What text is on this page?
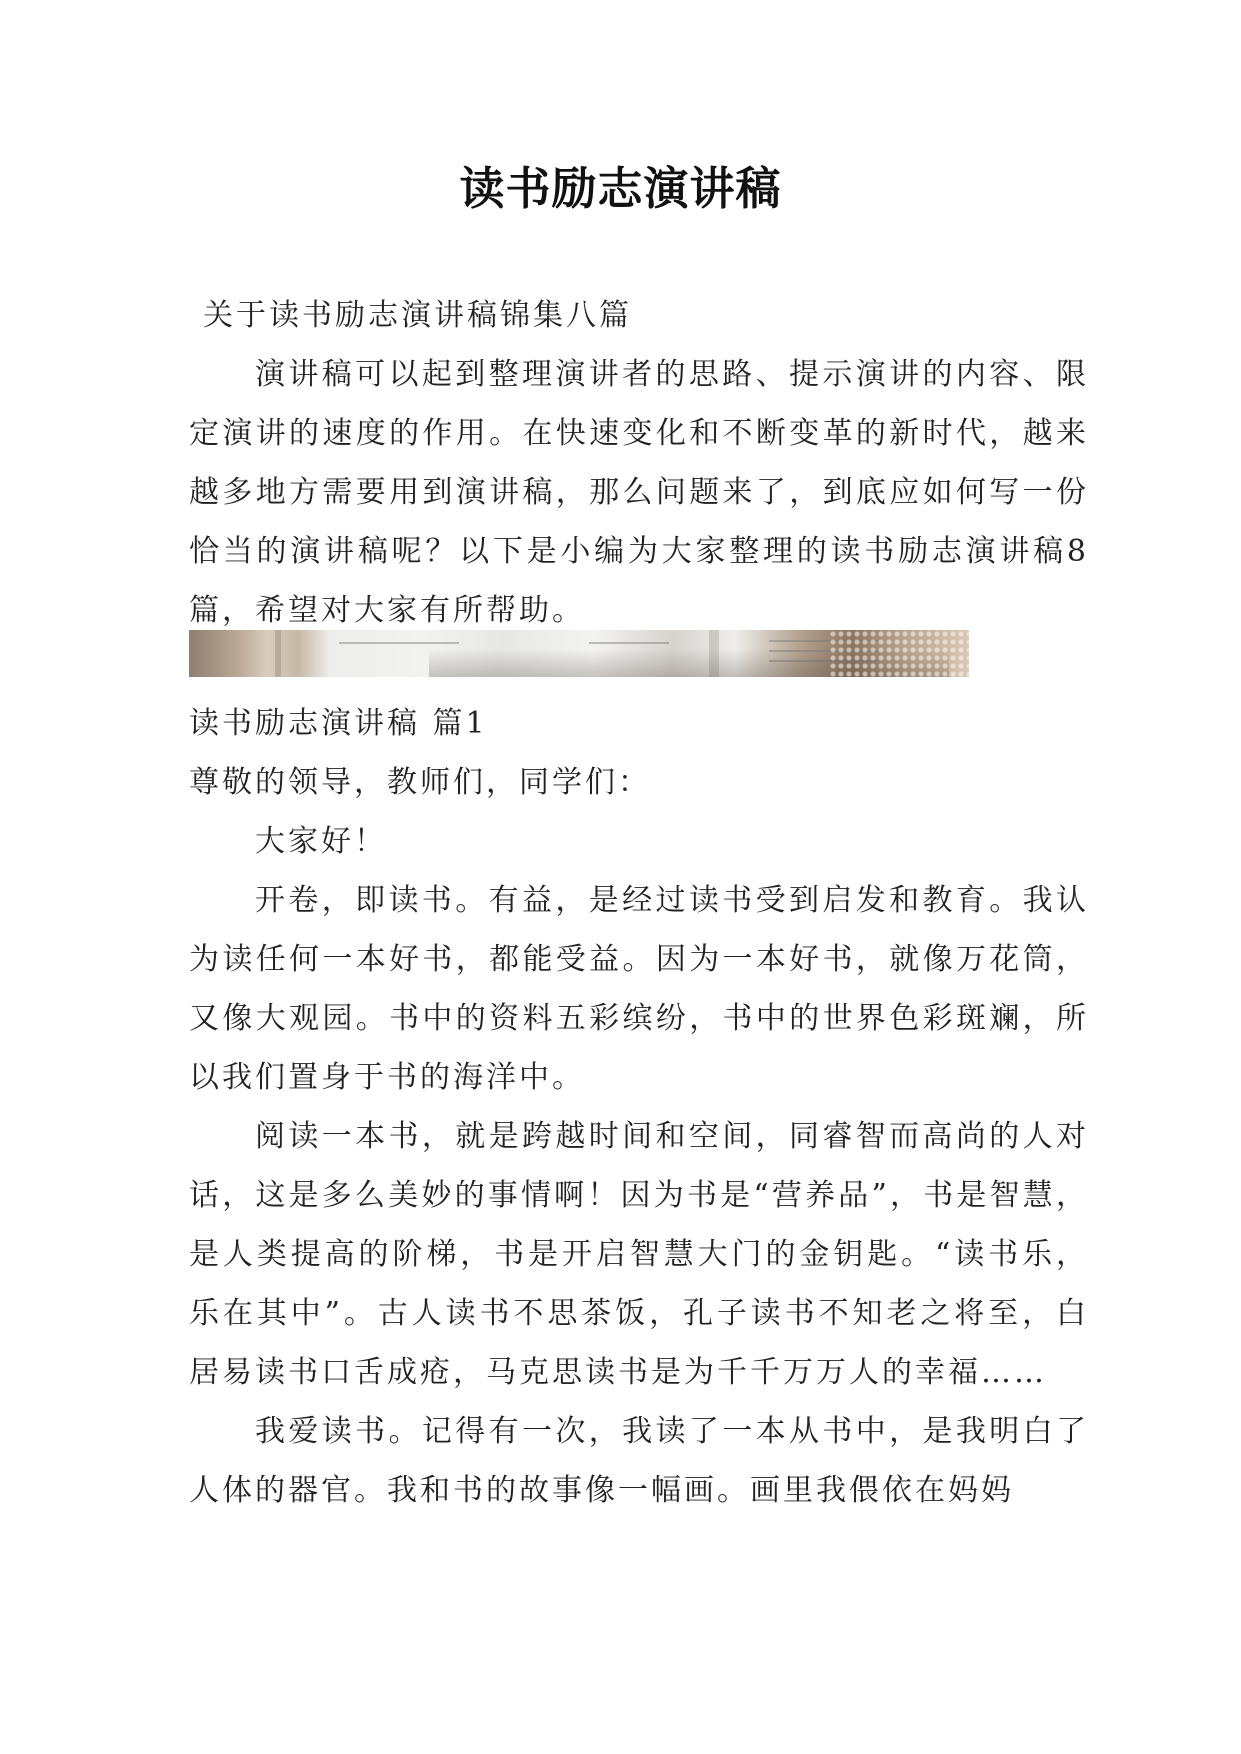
读书励志演讲稿

关于读书励志演讲稿锦集八篇

演讲稿可以起到整理演讲者的思路、提示演讲的内容、限定演讲的速度的作用。在快速变化和不断变革的新时代，越来越多地方需要用到演讲稿，那么问题来了，到底应如何写一份恰当的演讲稿呢？以下是小编为大家整理的读书励志演讲稿8篇，希望对大家有所帮助。

读书励志演讲稿 篇1

尊敬的领导，教师们，同学们：

大家好！

开卷，即读书。有益，是经过读书受到启发和教育。我认为读任何一本好书，都能受益。因为一本好书，就像万花筒，又像大观园。书中的资料五彩缤纷，书中的世界色彩斑斓，所以我们置身于书的海洋中。

阅读一本书，就是跨越时间和空间，同睿智而高尚的人对话，这是多么美妙的事情啊！因为书是“营养品”，书是智慧，是人类提高的阶梯，书是开启智慧大门的金钥匙。“读书乐，乐在其中”。古人读书不思茶饭，孔子读书不知老之将至，白居易读书口舌成疮，马克思读书是为千千万万人的幸福……

我爱读书。记得有一次，我读了一本从书中，是我明白了人体的器官。我和书的故事像一幅画。画里我偎依在妈妈
